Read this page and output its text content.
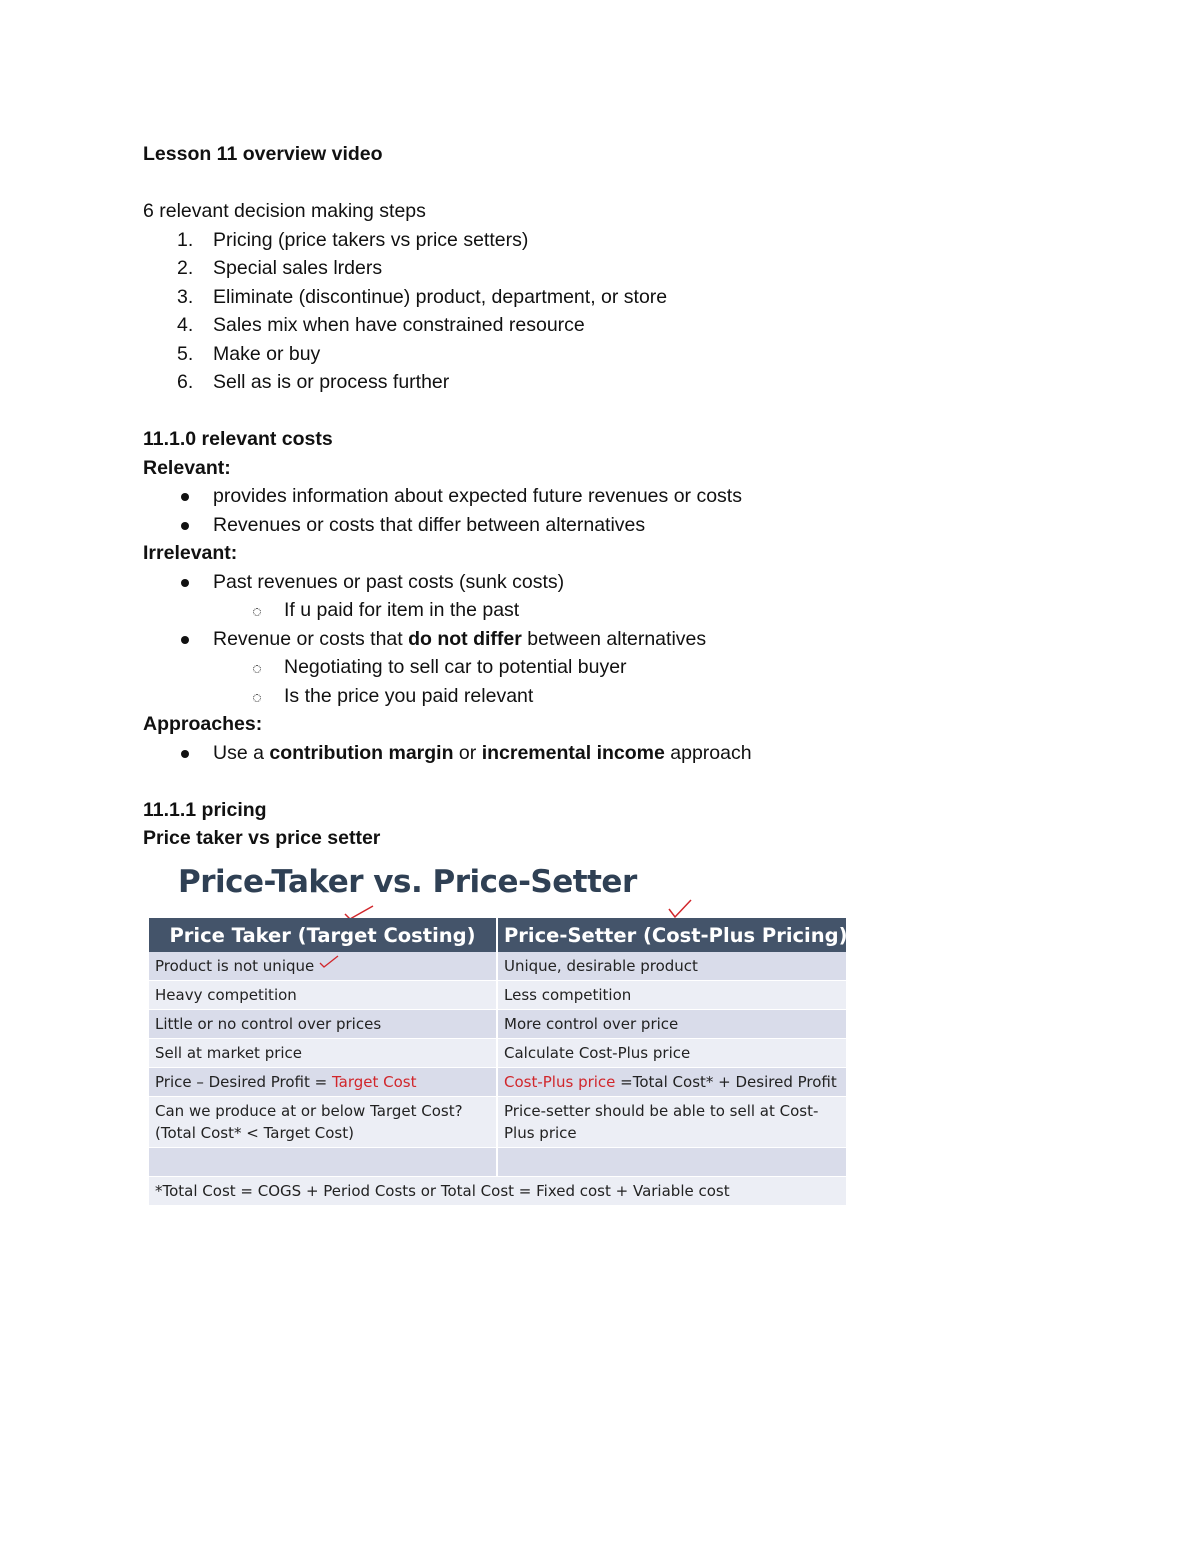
Lesson 11 overview video
6 relevant decision making steps
1. Pricing (price takers vs price setters)
2. Special sales lrders
3. Eliminate (discontinue) product, department, or store
4. Sales mix when have constrained resource
5. Make or buy
6. Sell as is or process further
11.1.0 relevant costs
Relevant:
provides information about expected future revenues or costs
Revenues or costs that differ between alternatives
Irrelevant:
Past revenues or past costs (sunk costs)
If u paid for item in the past
Revenue or costs that do not differ between alternatives
Negotiating to sell car to potential buyer
Is the price you paid relevant
Approaches:
Use a contribution margin or incremental income approach
11.1.1 pricing
Price taker vs price setter
Price-Taker vs. Price-Setter
Price Taker (Target Costing)	Price-Setter (Cost-Plus Pricing)
Product is not unique	Unique, desirable product
Heavy competition	Less competition
Little or no control over prices	More control over price
Sell at market price	Calculate Cost-Plus price
Price – Desired Profit = Target Cost	Cost-Plus price =Total Cost* + Desired Profit
Can we produce at or below Target Cost? (Total Cost* < Target Cost)	Price-setter should be able to sell at Cost-Plus price

*Total Cost = COGS + Period Costs or Total Cost = Fixed cost + Variable cost	
